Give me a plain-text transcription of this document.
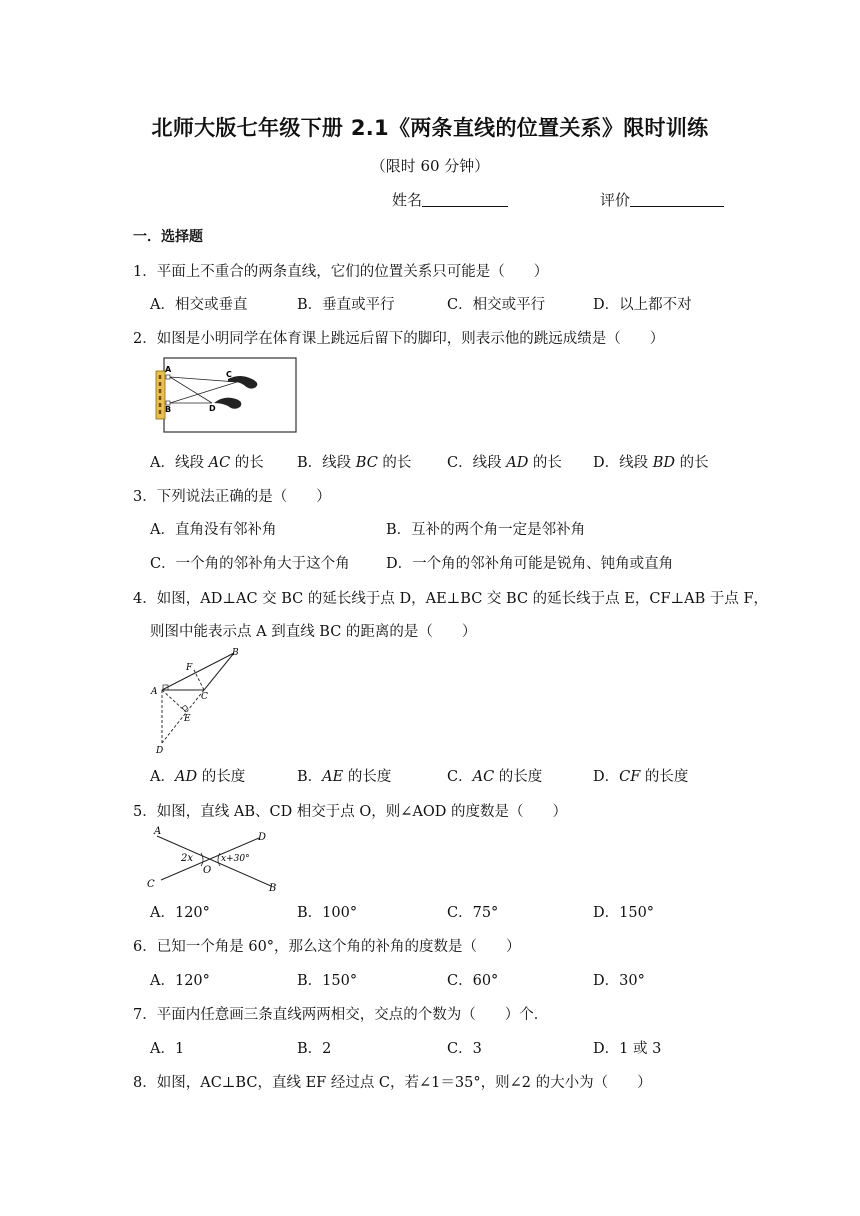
北师大版七年级下册 2.1《两条直线的位置关系》限时训练
（限时 60 分钟）
姓名	评价
一．选择题
1．平面上不重合的两条直线，它们的位置关系只可能是（　　）
A．相交或垂直	B．垂直或平行	C．相交或平行	D．以上都不对
2．如图是小明同学在体育课上跳远后留下的脚印，则表示他的跳远成绩是（　　）
A
B
C
D
A．线段 AC 的长 B．线段 BC 的长 C．线段 AD 的长 D．线段 BD 的长
3．下列说法正确的是（　　）
A．直角没有邻补角	B．互补的两个角一定是邻补角
C．一个角的邻补角大于这个角	D．一个角的邻补角可能是锐角、钝角或直角
4．如图，AD⊥AC 交 BC 的延长线于点 D，AE⊥BC 交 BC 的延长线于点 E，CF⊥AB 于点 F，
则图中能表示点 A 到直线 BC 的距离的是（　　）
B
F
A	C
E
D
A．AD 的长度	B．AE 的长度	C．AC 的长度	D．CF 的长度
5．如图，直线 AB、CD 相交于点 O，则∠AOD 的度数是（　　）
A
D
2x	x+30°
O
C	B
A．120°	B．100°	C．75°	D．150°
6．已知一个角是 60°，那么这个角的补角的度数是（　　）
A．120°	B．150°	C．60°	D．30°
7．平面内任意画三条直线两两相交，交点的个数为（　　）个．
A．1	B．2	C．3	D．1 或 3
8．如图，AC⊥BC，直线 EF 经过点 C，若∠1＝35°，则∠2 的大小为（　　）
